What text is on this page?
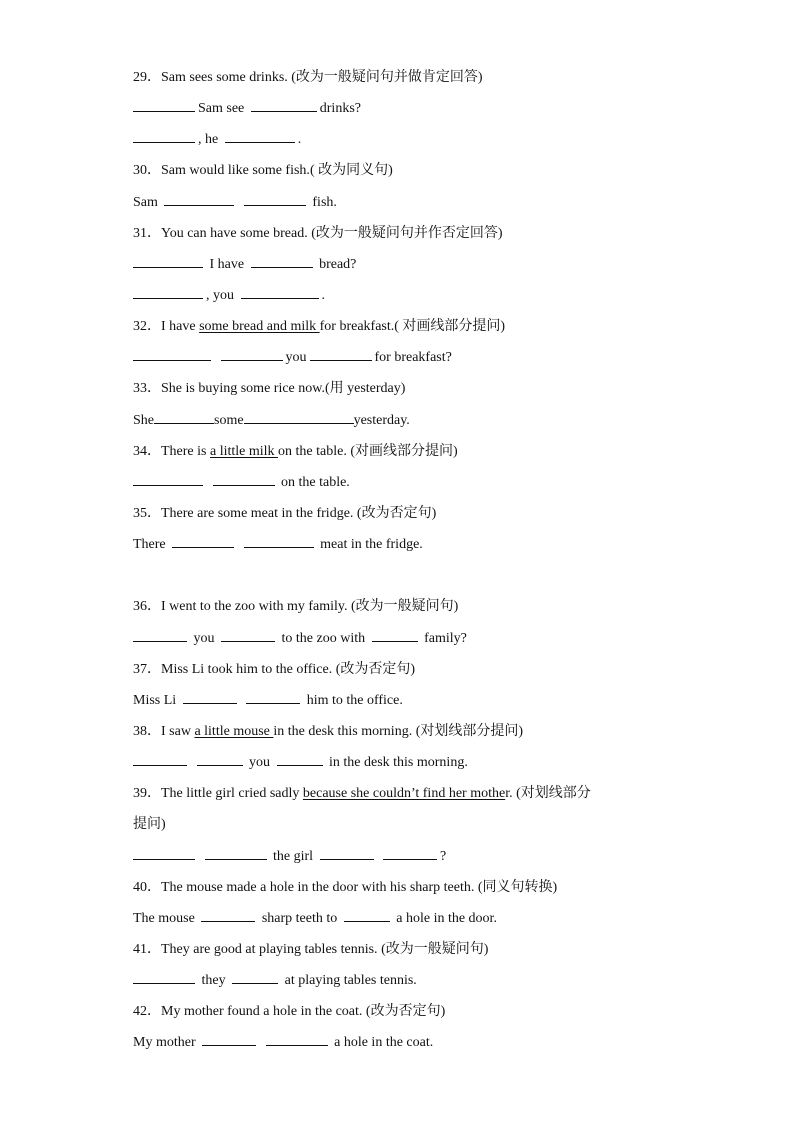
29．Sam sees some drinks. (改为一般疑问句并做肯定回答)
Sam see	drinks?
, he	.
30．Sam would like some fish.( 改为同义句)
Sam	fish.
31．You can have some bread. (改为一般疑问句并作否定回答)
I have	bread?
, you	.
32．I have some bread and milk for breakfast.( 对画线部分提问)
you	for breakfast?
33．She is buying some rice now.(用 yesterday)
She	some	yesterday.
34．There is a little milk on the table. (对画线部分提问)
on the table.
35．There are some meat in the fridge. (改为否定句)
There	meat in the fridge.
36．I went to the zoo with my family. (改为一般疑问句)
you	to the zoo with	family?
37．Miss Li took him to the office. (改为否定句)
Miss Li	him to the office.
38．I saw a little mouse in the desk this morning. (对划线部分提问)
you	in the desk this morning.
39．The little girl cried sadly because she couldn’t find her mother. (对划线部分
提问)
the girl	?
40．The mouse made a hole in the door with his sharp teeth. (同义句转换)
The mouse	sharp teeth to	a hole in the door.
41．They are good at playing tables tennis. (改为一般疑问句)
they	at playing tables tennis.
42．My mother found a hole in the coat. (改为否定句)
My mother	a hole in the coat.
